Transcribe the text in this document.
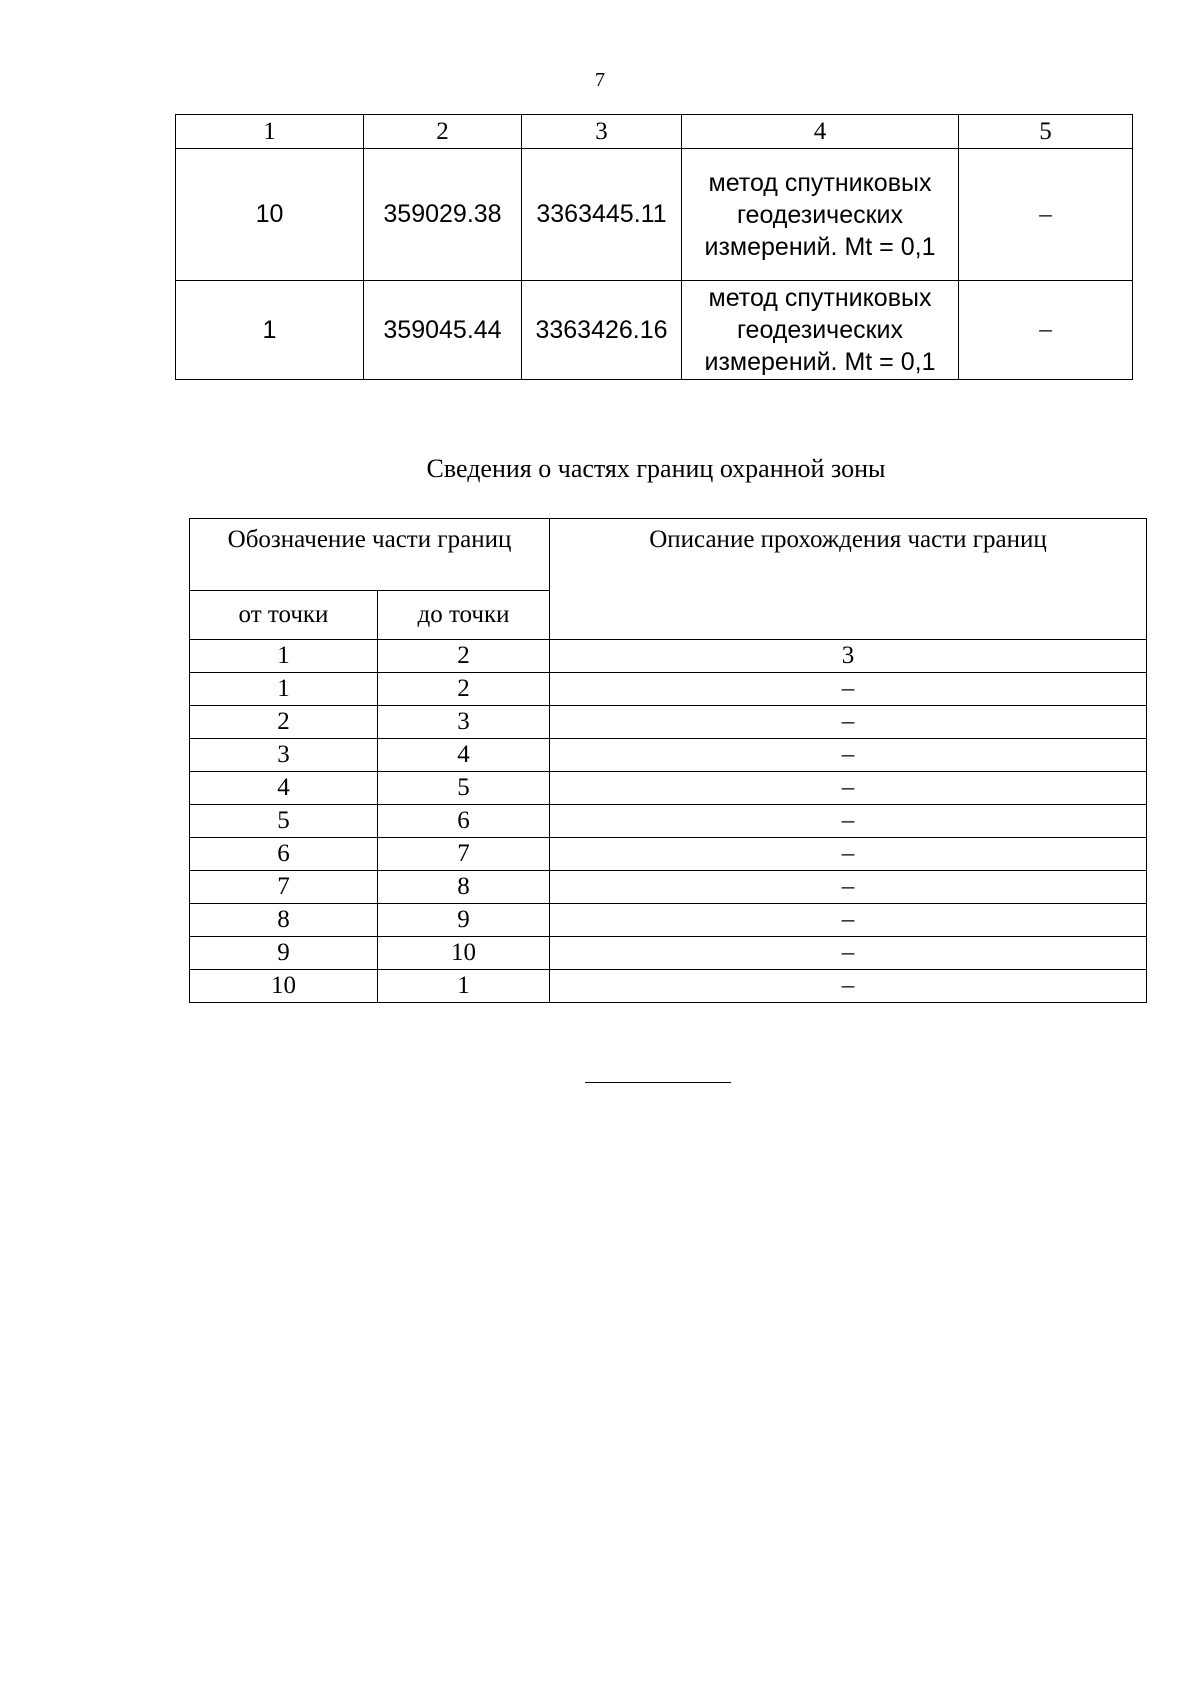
7
1	2	3	4	5
10	359029.38	3363445.11	метод спутниковых
геодезических
измерений. Mt = 0,1	–
1	359045.44	3363426.16	метод спутниковых
геодезических
измерений. Mt = 0,1	–
Сведения о частях границ охранной зоны
Обозначение части границ		Описание прохождения части границ
от точки	до точки	
1	2	3
1	2	–
2	3	–
3	4	–
4	5	–
5	6	–
6	7	–
7	8	–
8	9	–
9	10	–
10	1	–
